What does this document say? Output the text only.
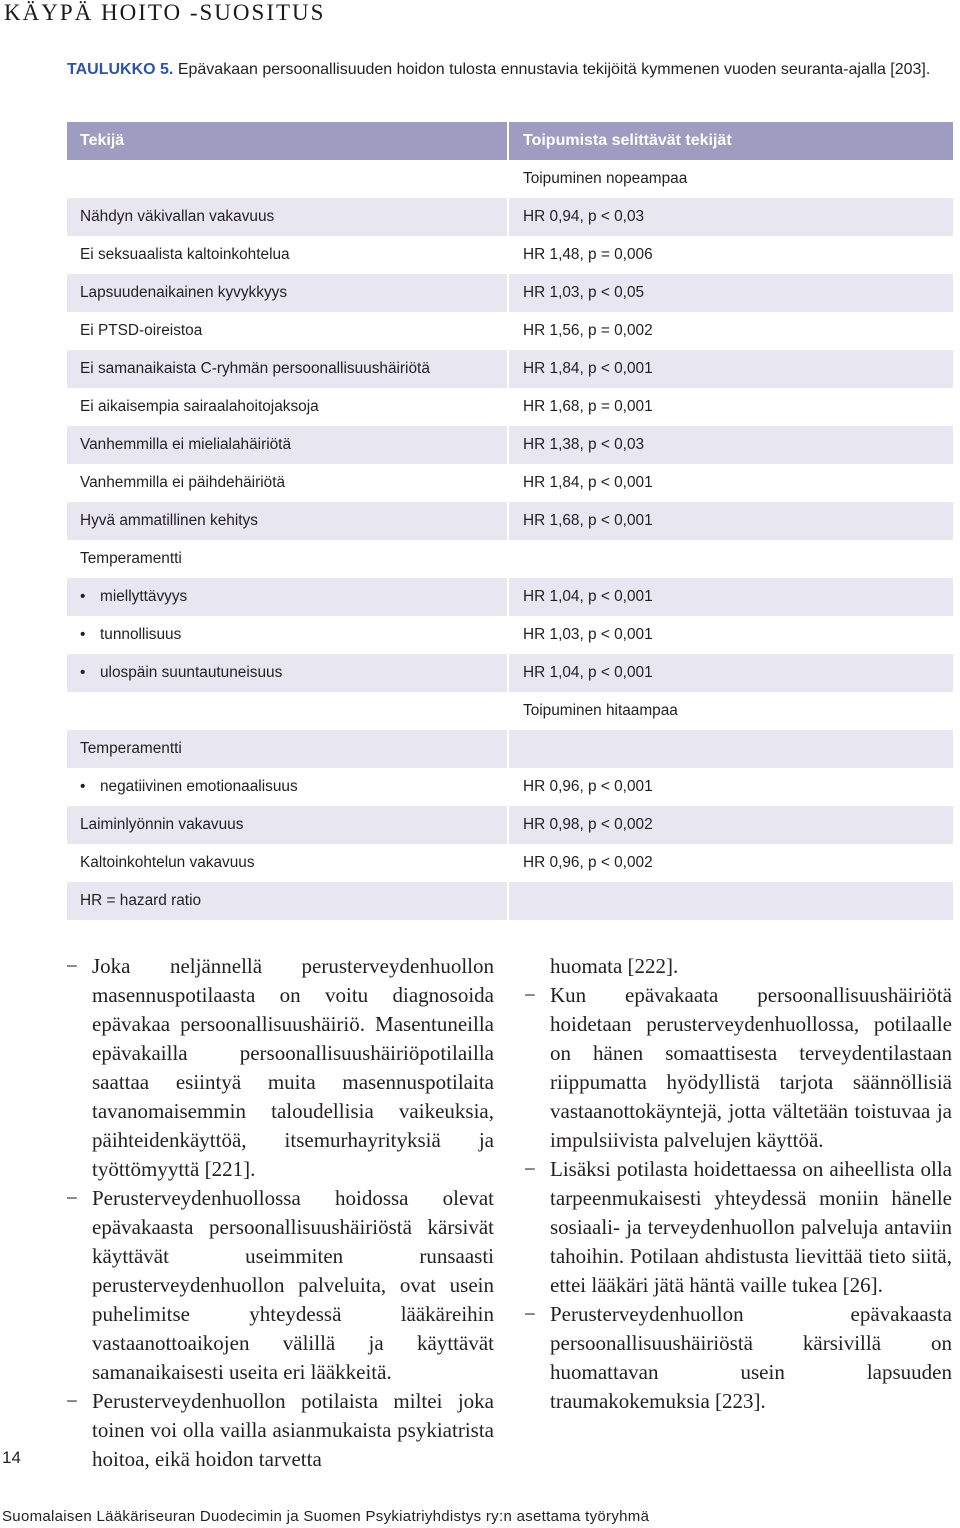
KÄYPÄ HOITO -SUOSITUS
TAULUKKO 5. Epävakaan persoonallisuuden hoidon tulosta ennustavia tekijöitä kymmenen vuoden seuranta-ajalla [203].
Tekijä	Toipumista selittävät tekijät
	Toipuminen nopeampaa
Nähdyn väkivallan vakavuus	HR 0,94, p < 0,03
Ei seksuaalista kaltoinkohtelua	HR 1,48, p = 0,006
Lapsuudenaikainen kyvykkyys	HR 1,03, p < 0,05
Ei PTSD-oireistoa	HR 1,56, p = 0,002
Ei samanaikaista C-ryhmän persoonallisuushäiriötä	HR 1,84, p < 0,001
Ei aikaisempia sairaalahoitojaksoja	HR 1,68, p = 0,001
Vanhemmilla ei mielialahäiriötä	HR 1,38, p < 0,03
Vanhemmilla ei päihdehäiriötä	HR 1,84, p < 0,001
Hyvä ammatillinen kehitys	HR 1,68, p < 0,001
Temperamentti	
• miellyttävyys	HR 1,04, p < 0,001
• tunnollisuus	HR 1,03, p < 0,001
• ulospäin suuntautuneisuus	HR 1,04, p < 0,001
	Toipuminen hitaampaa
Temperamentti	
• negatiivinen emotionaalisuus	HR 0,96, p < 0,001
Laiminlyönnin vakavuus	HR 0,98, p < 0,002
Kaltoinkohtelun vakavuus	HR 0,96, p < 0,002
HR = hazard ratio	

− Joka neljännellä perusterveydenhuollon masennuspotilaasta on voitu diagnosoida epävakaa persoonallisuushäiriö. Masentuneilla epävakailla persoonallisuushäiriöpotilailla saattaa esiintyä muita masennuspotilaita tavanomaisemmin taloudellisia vaikeuksia, päihteidenkäyttöä, itsemurhayrityksiä ja työttömyyttä [221].

− Perusterveydenhuollossa hoidossa olevat epävakaasta persoonallisuushäiriöstä kärsivät käyttävät useimmiten runsaasti perusterveydenhuollon palveluita, ovat usein puhelimitse yhteydessä lääkäreihin vastaanottoaikojen välillä ja käyttävät samanaikaisesti useita eri lääkkeitä.

− Perusterveydenhuollon potilaista miltei joka toinen voi olla vailla asianmukaista psykiatrista hoitoa, eikä hoidon tarvetta

huomata [222].

− Kun epävakaata persoonallisuushäiriötä hoidetaan perusterveydenhuollossa, potilaalle on hänen somaattisesta terveydentilastaan riippumatta hyödyllistä tarjota säännöllisiä vastaanottokäyntejä, jotta vältetään toistuvaa ja impulsiivista palvelujen käyttöä.

− Lisäksi potilasta hoidettaessa on aiheellista olla tarpeenmukaisesti yhteydessä moniin hänelle sosiaali- ja terveydenhuollon palveluja antaviin tahoihin. Potilaan ahdistusta lievittää tieto siitä, ettei lääkäri jätä häntä vaille tukea [26].

− Perusterveydenhuollon epävakaasta persoonallisuushäiriöstä kärsivillä on huomattavan usein lapsuuden traumakokemuksia [223].

14
Suomalaisen Lääkäriseuran Duodecimin ja Suomen Psykiatriyhdistys ry:n asettama työryhmä
